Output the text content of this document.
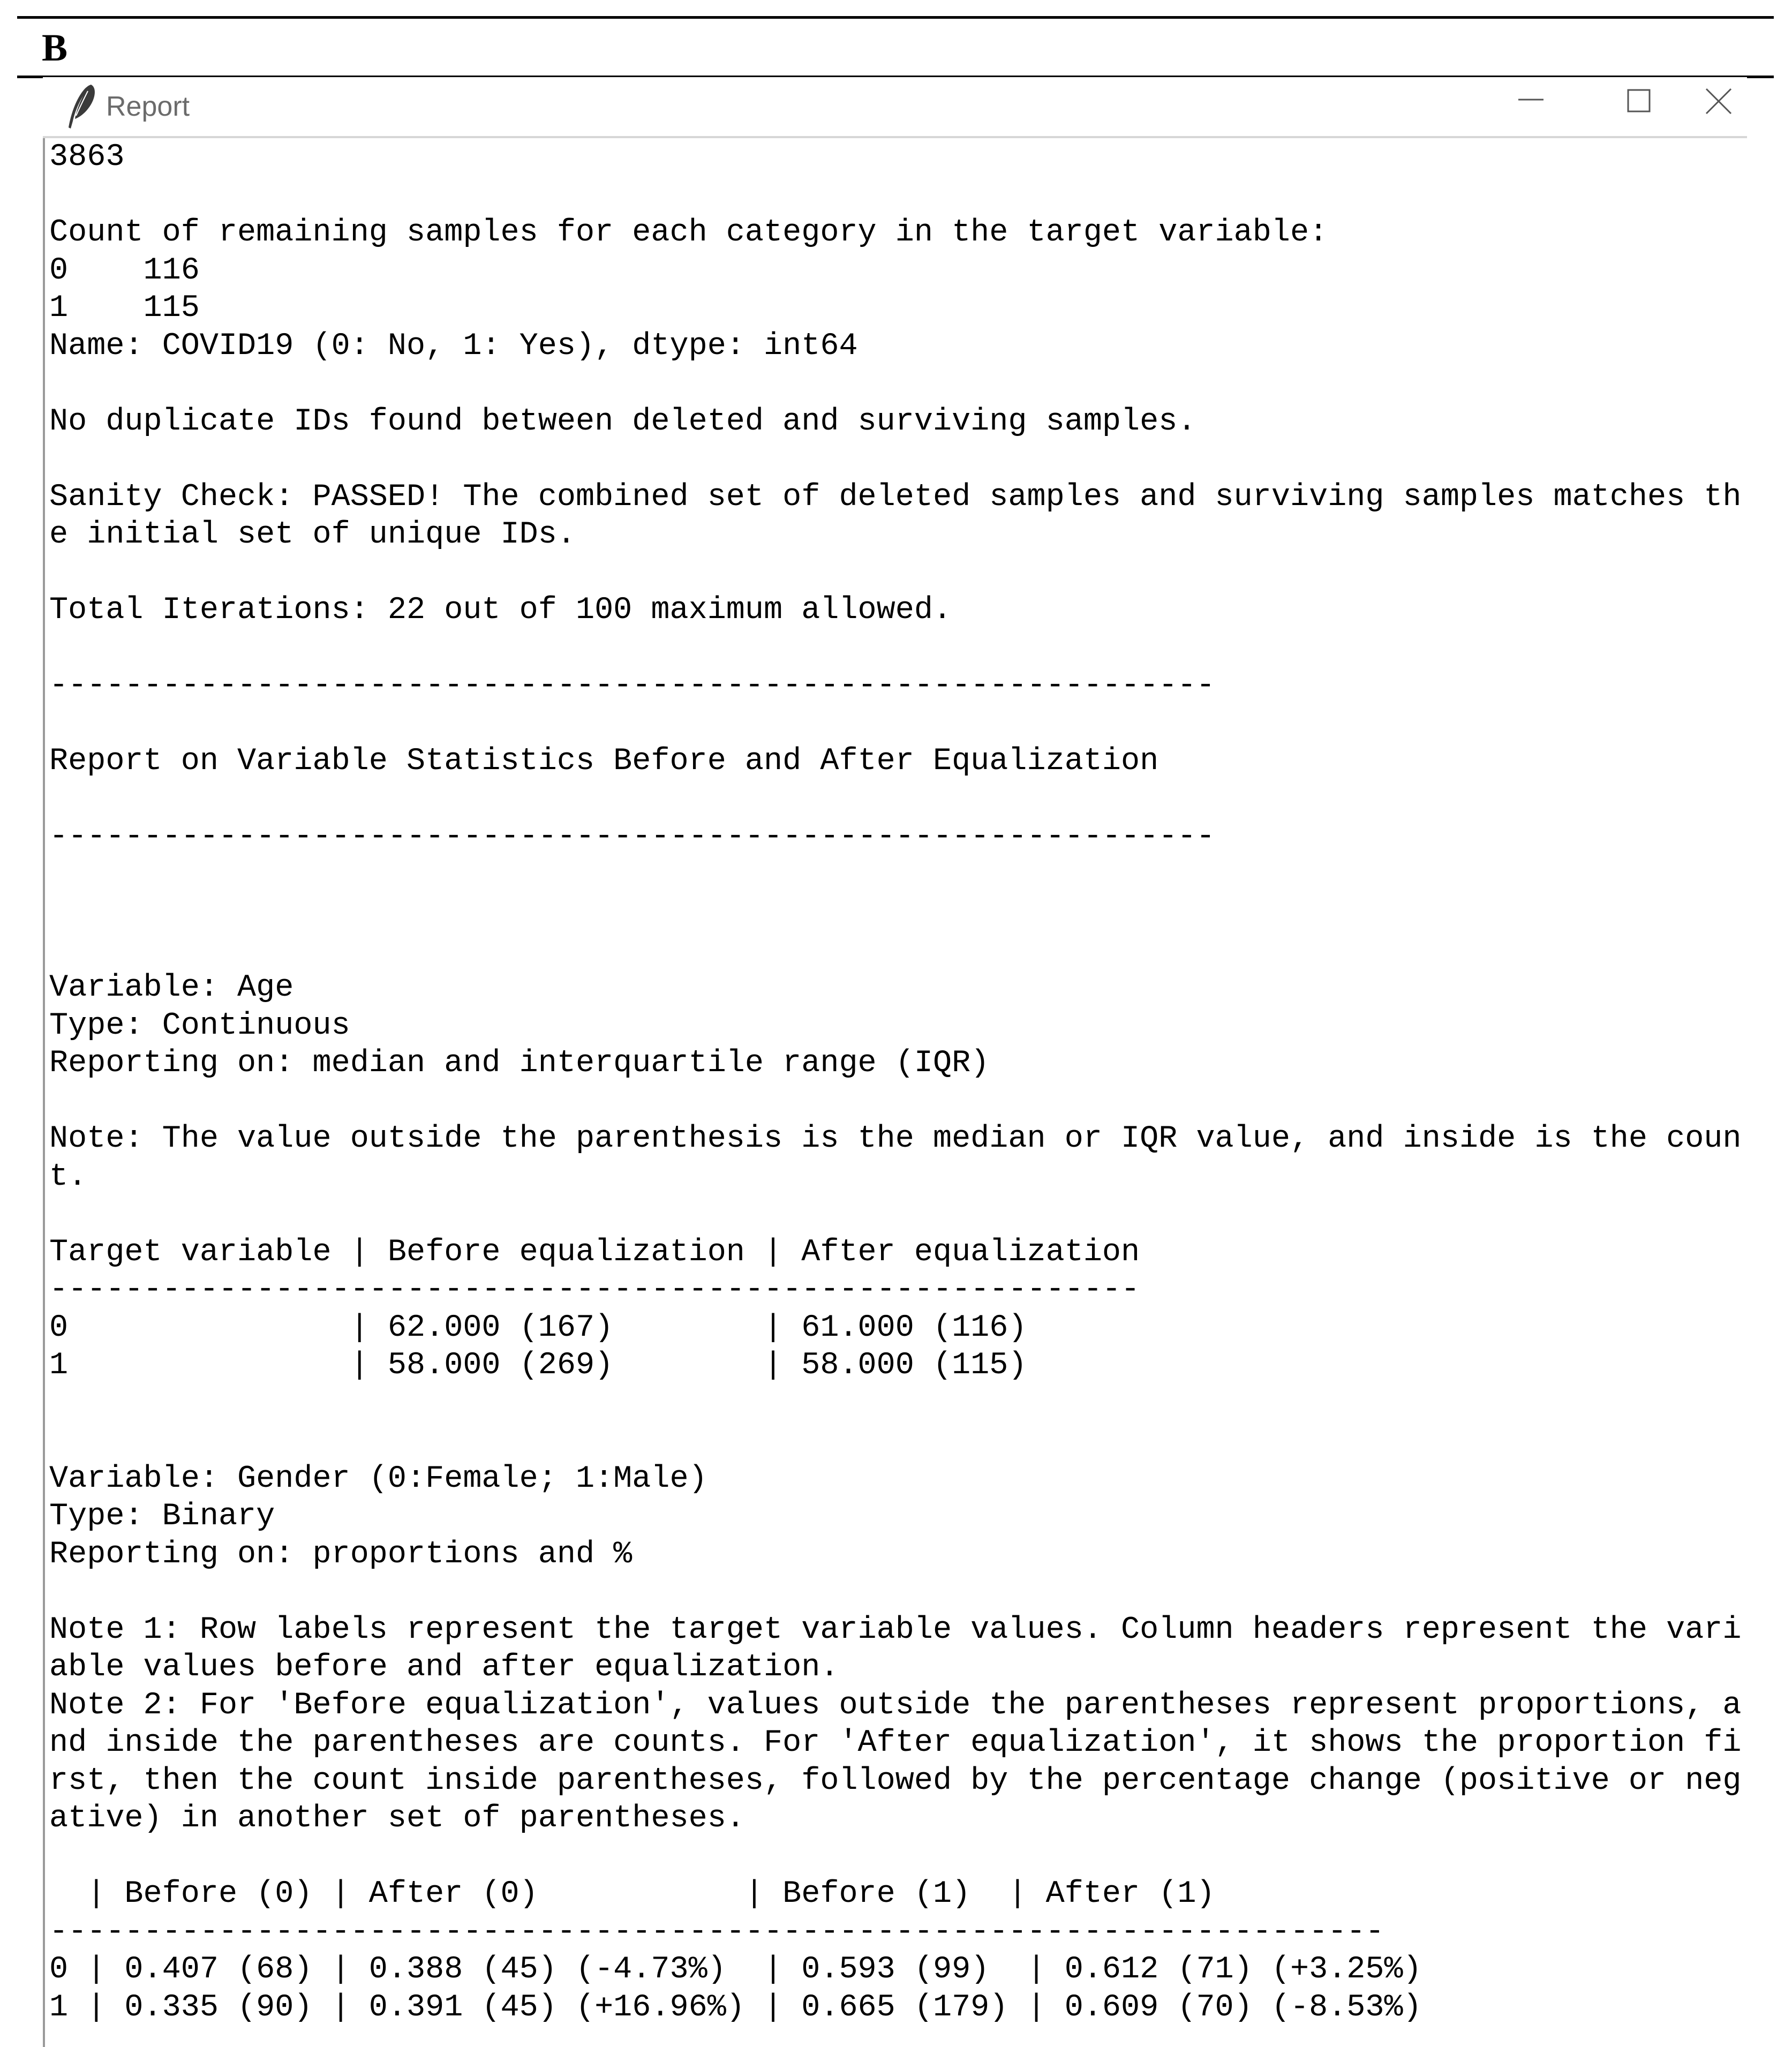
B
Report
3863

Count of remaining samples for each category in the target variable:
0    116
1    115
Name: COVID19 (0: No, 1: Yes), dtype: int64

No duplicate IDs found between deleted and surviving samples.

Sanity Check: PASSED! The combined set of deleted samples and surviving samples matches th
e initial set of unique IDs.

Total Iterations: 22 out of 100 maximum allowed.

--------------------------------------------------------------

Report on Variable Statistics Before and After Equalization

--------------------------------------------------------------

Variable: Age
Type: Continuous
Reporting on: median and interquartile range (IQR)

Note: The value outside the parenthesis is the median or IQR value, and inside is the coun
t.

Target variable | Before equalization | After equalization
----------------------------------------------------------
0               | 62.000 (167)        | 61.000 (116)
1               | 58.000 (269)        | 58.000 (115)

Variable: Gender (0:Female; 1:Male)
Type: Binary
Reporting on: proportions and %

Note 1: Row labels represent the target variable values. Column headers represent the vari
able values before and after equalization.
Note 2: For 'Before equalization', values outside the parentheses represent proportions, a
nd inside the parentheses are counts. For 'After equalization', it shows the proportion fi
rst, then the count inside parentheses, followed by the percentage change (positive or neg
ative) in another set of parentheses.

| Before (0) | After (0)           | Before (1)  | After (1)
-----------------------------------------------------------------------
0 | 0.407 (68) | 0.388 (45) (-4.73%)  | 0.593 (99)  | 0.612 (71) (+3.25%)
1 | 0.335 (90) | 0.391 (45) (+16.96%) | 0.665 (179) | 0.609 (70) (-8.53%)
